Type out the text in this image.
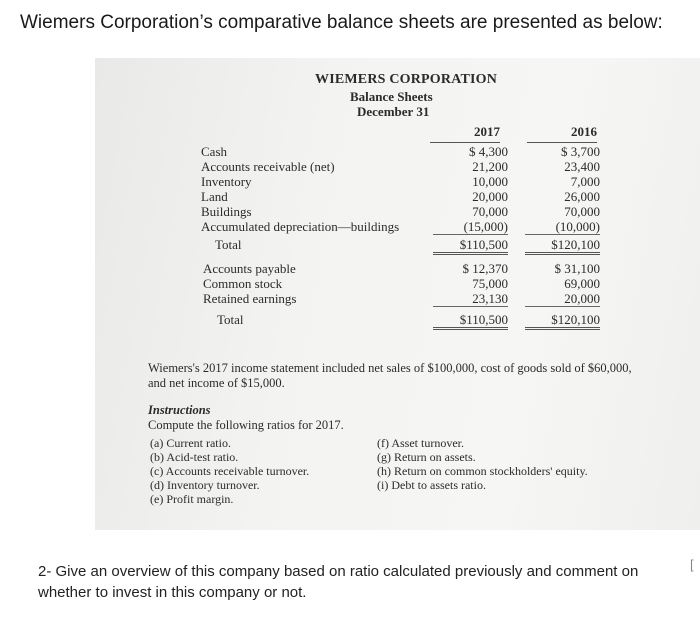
Wiemers Corporation’s comparative balance sheets are presented as below:
WIEMERS CORPORATION
Balance Sheets
December 31
2017	2016
Cash	$ 4,300	$ 3,700
Accounts receivable (net)	21,200	23,400
Inventory	10,000	7,000
Land	20,000	26,000
Buildings	70,000	70,000
Accumulated depreciation—buildings	(15,000)	(10,000)
Total	$110,500	$120,100
Accounts payable	$ 12,370	$ 31,100
Common stock	75,000	69,000
Retained earnings	23,130	20,000
Total	$110,500	$120,100
Wiemers's 2017 income statement included net sales of $100,000, cost of goods sold of $60,000, and net income of $15,000.
Instructions
Compute the following ratios for 2017.
(a) Current ratio.
(b) Acid-test ratio.
(c) Accounts receivable turnover.
(d) Inventory turnover.
(e) Profit margin.
(f) Asset turnover.
(g) Return on assets.
(h) Return on common stockholders' equity.
(i) Debt to assets ratio.
2- Give an overview of this company based on ratio calculated previously and comment on whether to invest in this company or not.
[
